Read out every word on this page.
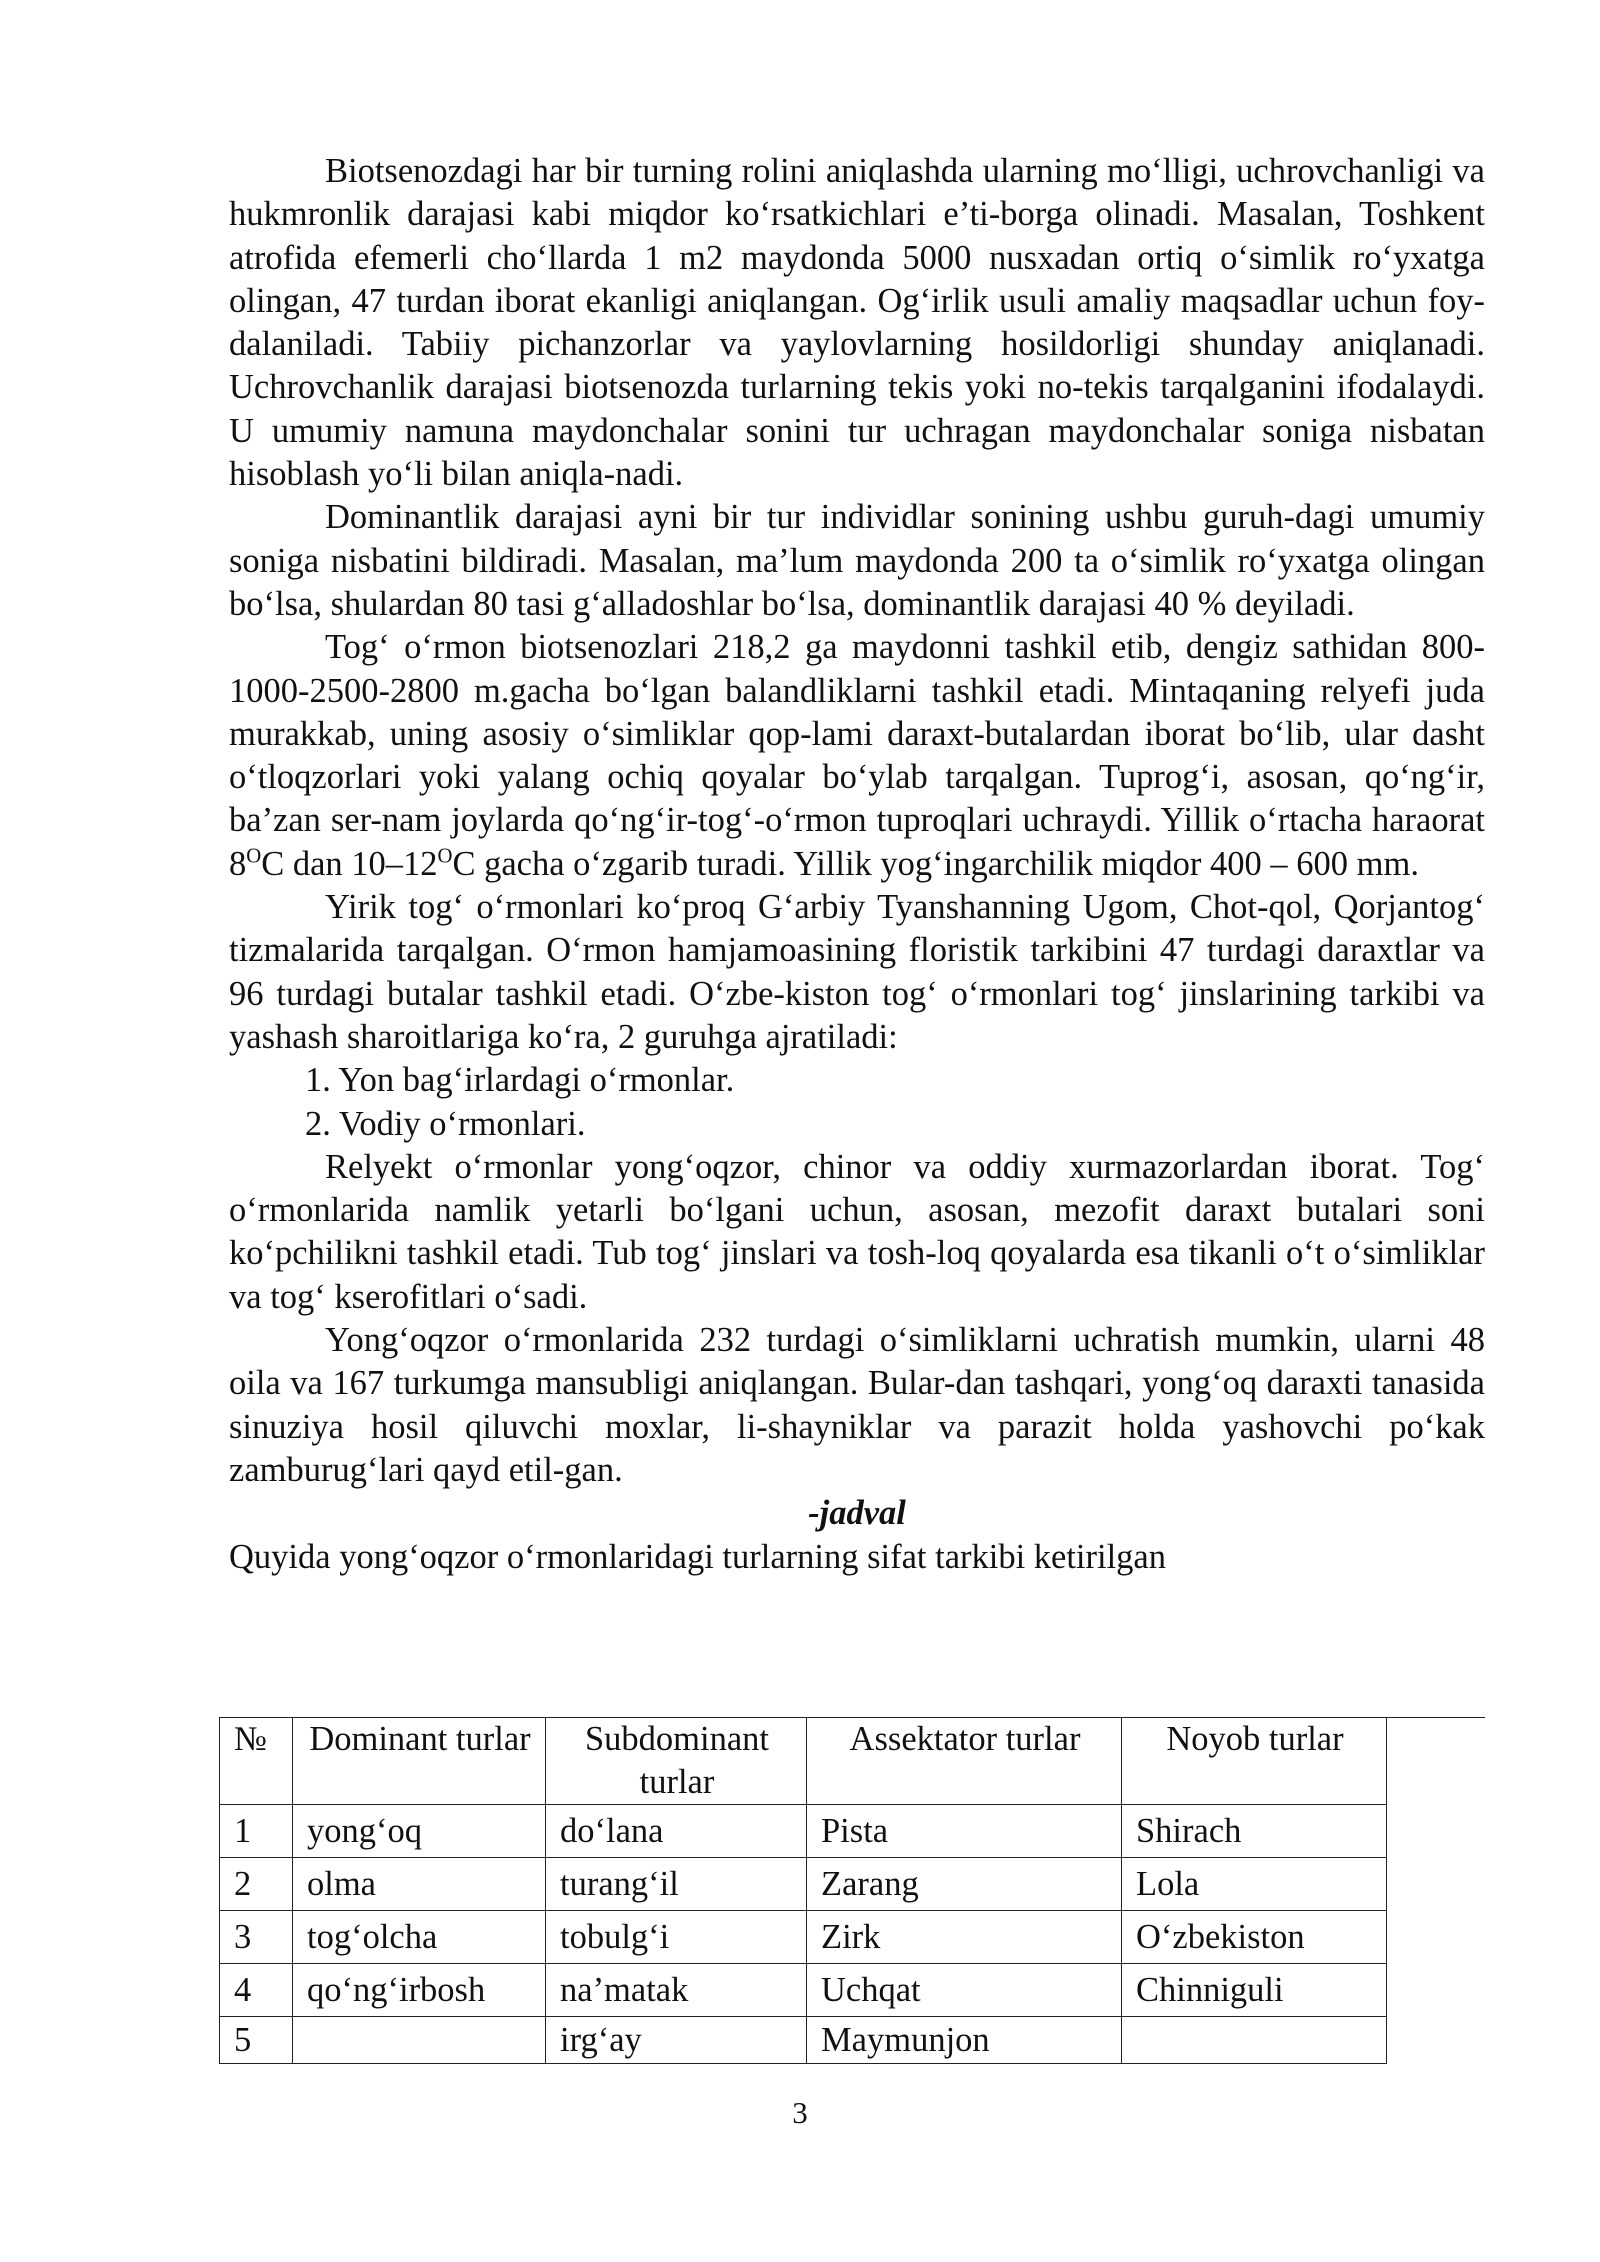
Biotsenozdagi har bir turning rolini aniqlashda ularning mo‘lligi, uchrovchanligi va hukmronlik darajasi kabi miqdor ko‘rsatkichlari e’ti-borga olinadi. Masalan, Toshkent atrofida efemerli cho‘llarda 1 m2 maydonda 5000 nusxadan ortiq o‘simlik ro‘yxatga olingan, 47 turdan iborat ekanligi aniqlangan. Og‘irlik usuli amaliy maqsadlar uchun foy-dalaniladi. Tabiiy pichanzorlar va yaylovlarning hosildorligi shunday aniqlanadi. Uchrovchanlik darajasi biotsenozda turlarning tekis yoki no-tekis tarqalganini ifodalaydi. U umumiy namuna maydonchalar sonini tur uchragan maydonchalar soniga nisbatan hisoblash yo‘li bilan aniqla-nadi.

Dominantlik darajasi ayni bir tur individlar sonining ushbu guruh-dagi umumiy soniga nisbatini bildiradi. Masalan, ma’lum maydonda 200 ta o‘simlik ro‘yxatga olingan bo‘lsa, shulardan 80 tasi g‘alladoshlar bo‘lsa, dominantlik darajasi 40 % deyiladi.

Tog‘ o‘rmon biotsenozlari 218,2 ga maydonni tashkil etib, dengiz sathidan 800-1000-2500-2800 m.gacha bo‘lgan balandliklarni tashkil etadi. Mintaqaning relyefi juda murakkab, uning asosiy o‘simliklar qop-lami daraxt-butalardan iborat bo‘lib, ular dasht o‘tloqzorlari yoki yalang ochiq qoyalar bo‘ylab tarqalgan. Tuprog‘i, asosan, qo‘ng‘ir, ba’zan ser-nam joylarda qo‘ng‘ir-tog‘-o‘rmon tuproqlari uchraydi. Yillik o‘rtacha haraorat $8^OC$ dan $10-12^OC$ gacha o‘zgarib turadi. Yillik yog‘ingarchilik miqdor 400 – 600 mm.

Yirik tog‘ o‘rmonlari ko‘proq G‘arbiy Tyanshanning Ugom, Chot-qol, Qorjantog‘ tizmalarida tarqalgan. O‘rmon hamjamoasining floristik tarkibini 47 turdagi daraxtlar va 96 turdagi butalar tashkil etadi. O‘zbe-kiston tog‘ o‘rmonlari tog‘ jinslarining tarkibi va yashash sharoitlariga ko‘ra, 2 guruhga ajratiladi:

1. Yon bag‘irlardagi o‘rmonlar.

2. Vodiy o‘rmonlari.

Relyekt o‘rmonlar yong‘oqzor, chinor va oddiy xurmazorlardan iborat. Tog‘ o‘rmonlarida namlik yetarli bo‘lgani uchun, asosan, mezofit daraxt butalari soni ko‘pchilikni tashkil etadi. Tub tog‘ jinslari va tosh-loq qoyalarda esa tikanli o‘t o‘simliklar va tog‘ kserofitlari o‘sadi.

Yong‘oqzor o‘rmonlarida 232 turdagi o‘simliklarni uchratish mumkin, ularni 48 oila va 167 turkumga mansubligi aniqlangan. Bular-dan tashqari, yong‘oq daraxti tanasida sinuziya hosil qiluvchi moxlar, li-shayniklar va parazit holda yashovchi po‘kak zamburug‘lari qayd etil-gan.

-jadval

Quyida yong‘oqzor o‘rmonlaridagi turlarning sifat tarkibi ketirilgan

№	Dominant turlar	Subdominant turlar	Assektator turlar	Noyob turlar
1	yong‘oq	do‘lana	Pista	Shirach
2	olma	turang‘il	Zarang	Lola
3	tog‘olcha	tobulg‘i	Zirk	O‘zbekiston
4	qo‘ng‘irbosh	na’matak	Uchqat	Chinniguli
5		irg‘ay	Maymunjon	
3
